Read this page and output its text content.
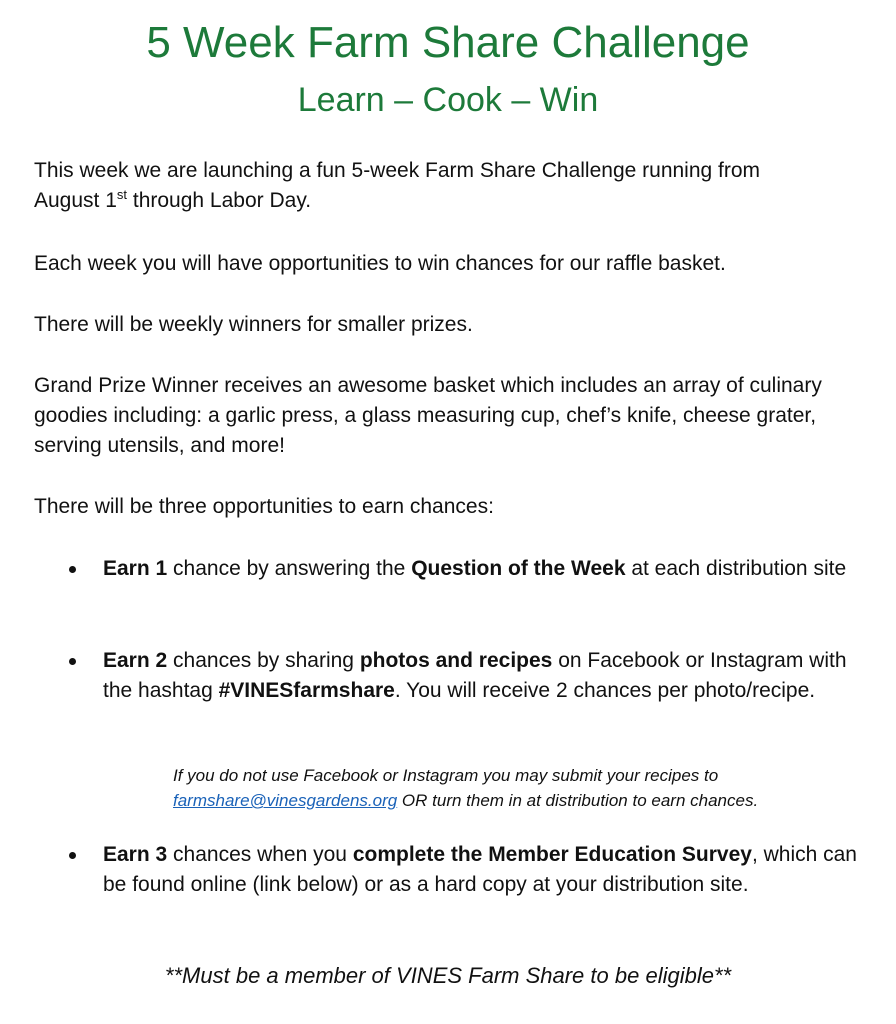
5 Week Farm Share Challenge
Learn – Cook – Win

This week we are launching a fun 5-week Farm Share Challenge running from
August 1st through Labor Day.

Each week you will have opportunities to win chances for our raffle basket.

There will be weekly winners for smaller prizes.

Grand Prize Winner receives an awesome basket which includes an array of culinary goodies including: a garlic press, a glass measuring cup, chef’s knife, cheese grater, serving utensils, and more!

There will be three opportunities to earn chances:

Earn 1 chance by answering the Question of the Week at each distribution site
Earn 2 chances by sharing photos and recipes on Facebook or Instagram with the hashtag #VINESfarmshare. You will receive 2 chances per photo/recipe.
If you do not use Facebook or Instagram you may submit your recipes to farmshare@vinesgardens.org OR turn them in at distribution to earn chances.
Earn 3 chances when you complete the Member Education Survey, which can be found online (link below) or as a hard copy at your distribution site.
**Must be a member of VINES Farm Share to be eligible**
